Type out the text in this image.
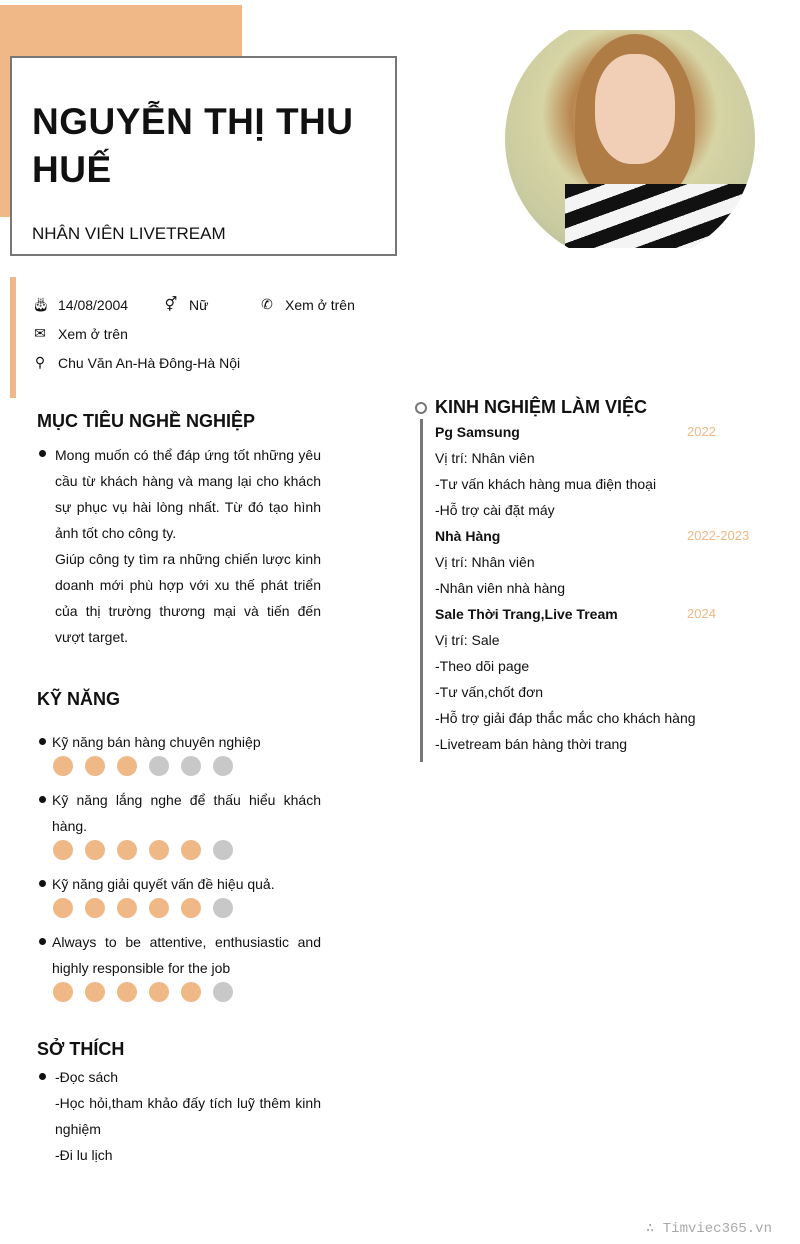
NGUYỄN THỊ THU HUẾ
NHÂN VIÊN LIVETREAM
🎂︎ 14/08/2004	⚥ Nữ	✆ Xem ở trên
✉ Xem ở trên
⚲ Chu Văn An-Hà Đông-Hà Nội
MỤC TIÊU NGHỀ NGHIỆP
Mong muốn có thể đáp ứng tốt những yêu cầu từ khách hàng và mang lại cho khách sự phục vụ hài lòng nhất. Từ đó tạo hình ảnh tốt cho công ty.
Giúp công ty tìm ra những chiến lược kinh doanh mới phù hợp với xu thế phát triển của thị trường thương mại và tiến đến vượt target.
KỸ NĂNG
Kỹ năng bán hàng chuyên nghiệp
Kỹ năng lắng nghe để thấu hiểu khách hàng.
Kỹ năng giải quyết vấn đề hiệu quả.
Always to be attentive, enthusiastic and highly responsible for the job
SỞ THÍCH
-Đọc sách
-Học hỏi,tham khảo đấy tích luỹ thêm kinh nghiệm
-Đi lu lịch
KINH NGHIỆM LÀM VIỆC
Pg Samsung	2022
Vị trí: Nhân viên
-Tư vấn khách hàng mua điện thoại
-Hỗ trợ cài đặt máy
Nhà Hàng	2022-2023
Vị trí: Nhân viên
-Nhân viên nhà hàng
Sale Thời Trang,Live Tream	2024
Vị trí: Sale
-Theo dõi page
-Tư vấn,chốt đơn
-Hỗ trợ giải đáp thắc mắc cho khách hàng
-Livetream bán hàng thời trang
∴ Timviec365.vn
